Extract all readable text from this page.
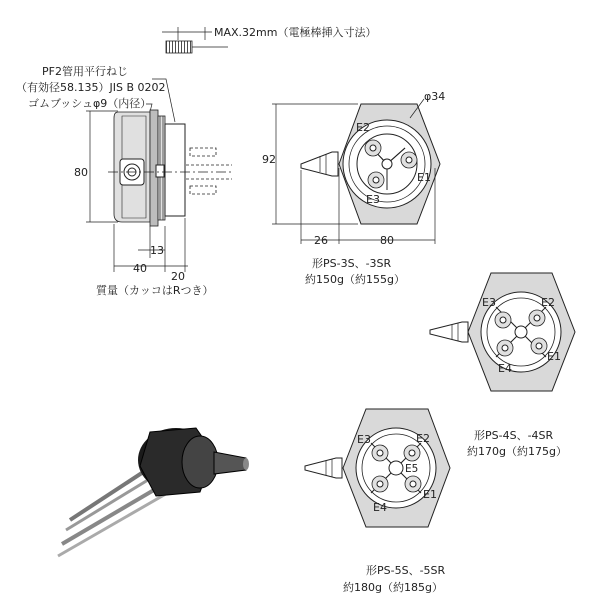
MAX.32mm（電極棒挿入寸法）
PF2管用平行ねじ
（有効径58.135）JIS B 0202
ゴムブッシュφ9（内径）
80
13
40
20
質量（カッコはRつき）
E2
E1
E3
φ34
92
26	80
形PS-3S、-3SR
約150g（約155g）
E3	E2
E1
E4
形PS-4S、-4SR
約170g（約175g）
E3	E2
E5
E1
E4
形PS-5S、-5SR
約180g（約185g）
